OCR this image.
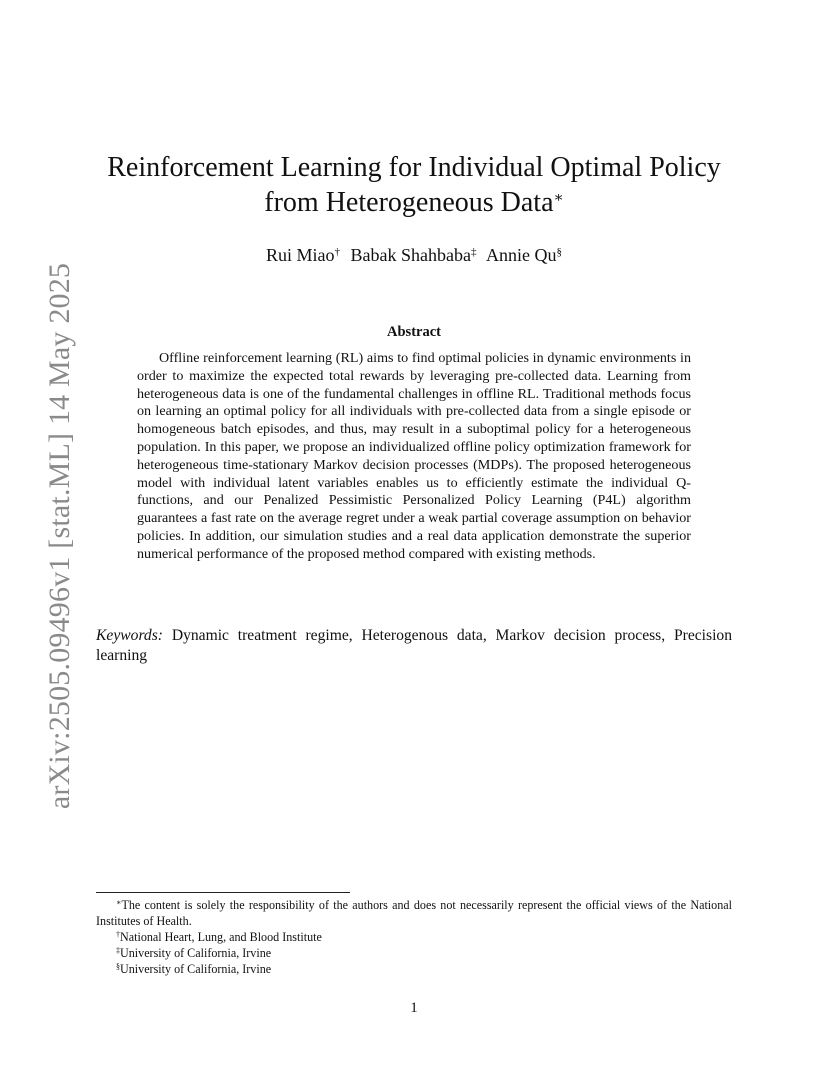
arXiv:2505.09496v1 [stat.ML] 14 May 2025
Reinforcement Learning for Individual Optimal Policy
from Heterogeneous Data∗
Rui Miao† Babak Shahbaba‡ Annie Qu§
Abstract
Offline reinforcement learning (RL) aims to find optimal policies in dynamic environments in order to maximize the expected total rewards by leveraging pre-collected data. Learning from heterogeneous data is one of the fundamental challenges in offline RL. Traditional methods focus on learning an optimal policy for all individuals with pre-collected data from a single episode or homogeneous batch episodes, and thus, may result in a suboptimal policy for a heterogeneous population. In this paper, we propose an individualized offline policy optimization framework for heterogeneous time-stationary Markov decision processes (MDPs). The proposed heterogeneous model with individual latent variables enables us to efficiently estimate the individual Q-functions, and our Penalized Pessimistic Personalized Policy Learning (P4L) algorithm guarantees a fast rate on the average regret under a weak partial coverage assumption on behavior policies. In addition, our simulation studies and a real data application demonstrate the superior numerical performance of the proposed method compared with existing methods.
Keywords: Dynamic treatment regime, Heterogenous data, Markov decision process, Precision learning
∗The content is solely the responsibility of the authors and does not necessarily represent the official views of the National Institutes of Health.
†National Heart, Lung, and Blood Institute
‡University of California, Irvine
§University of California, Irvine
1
